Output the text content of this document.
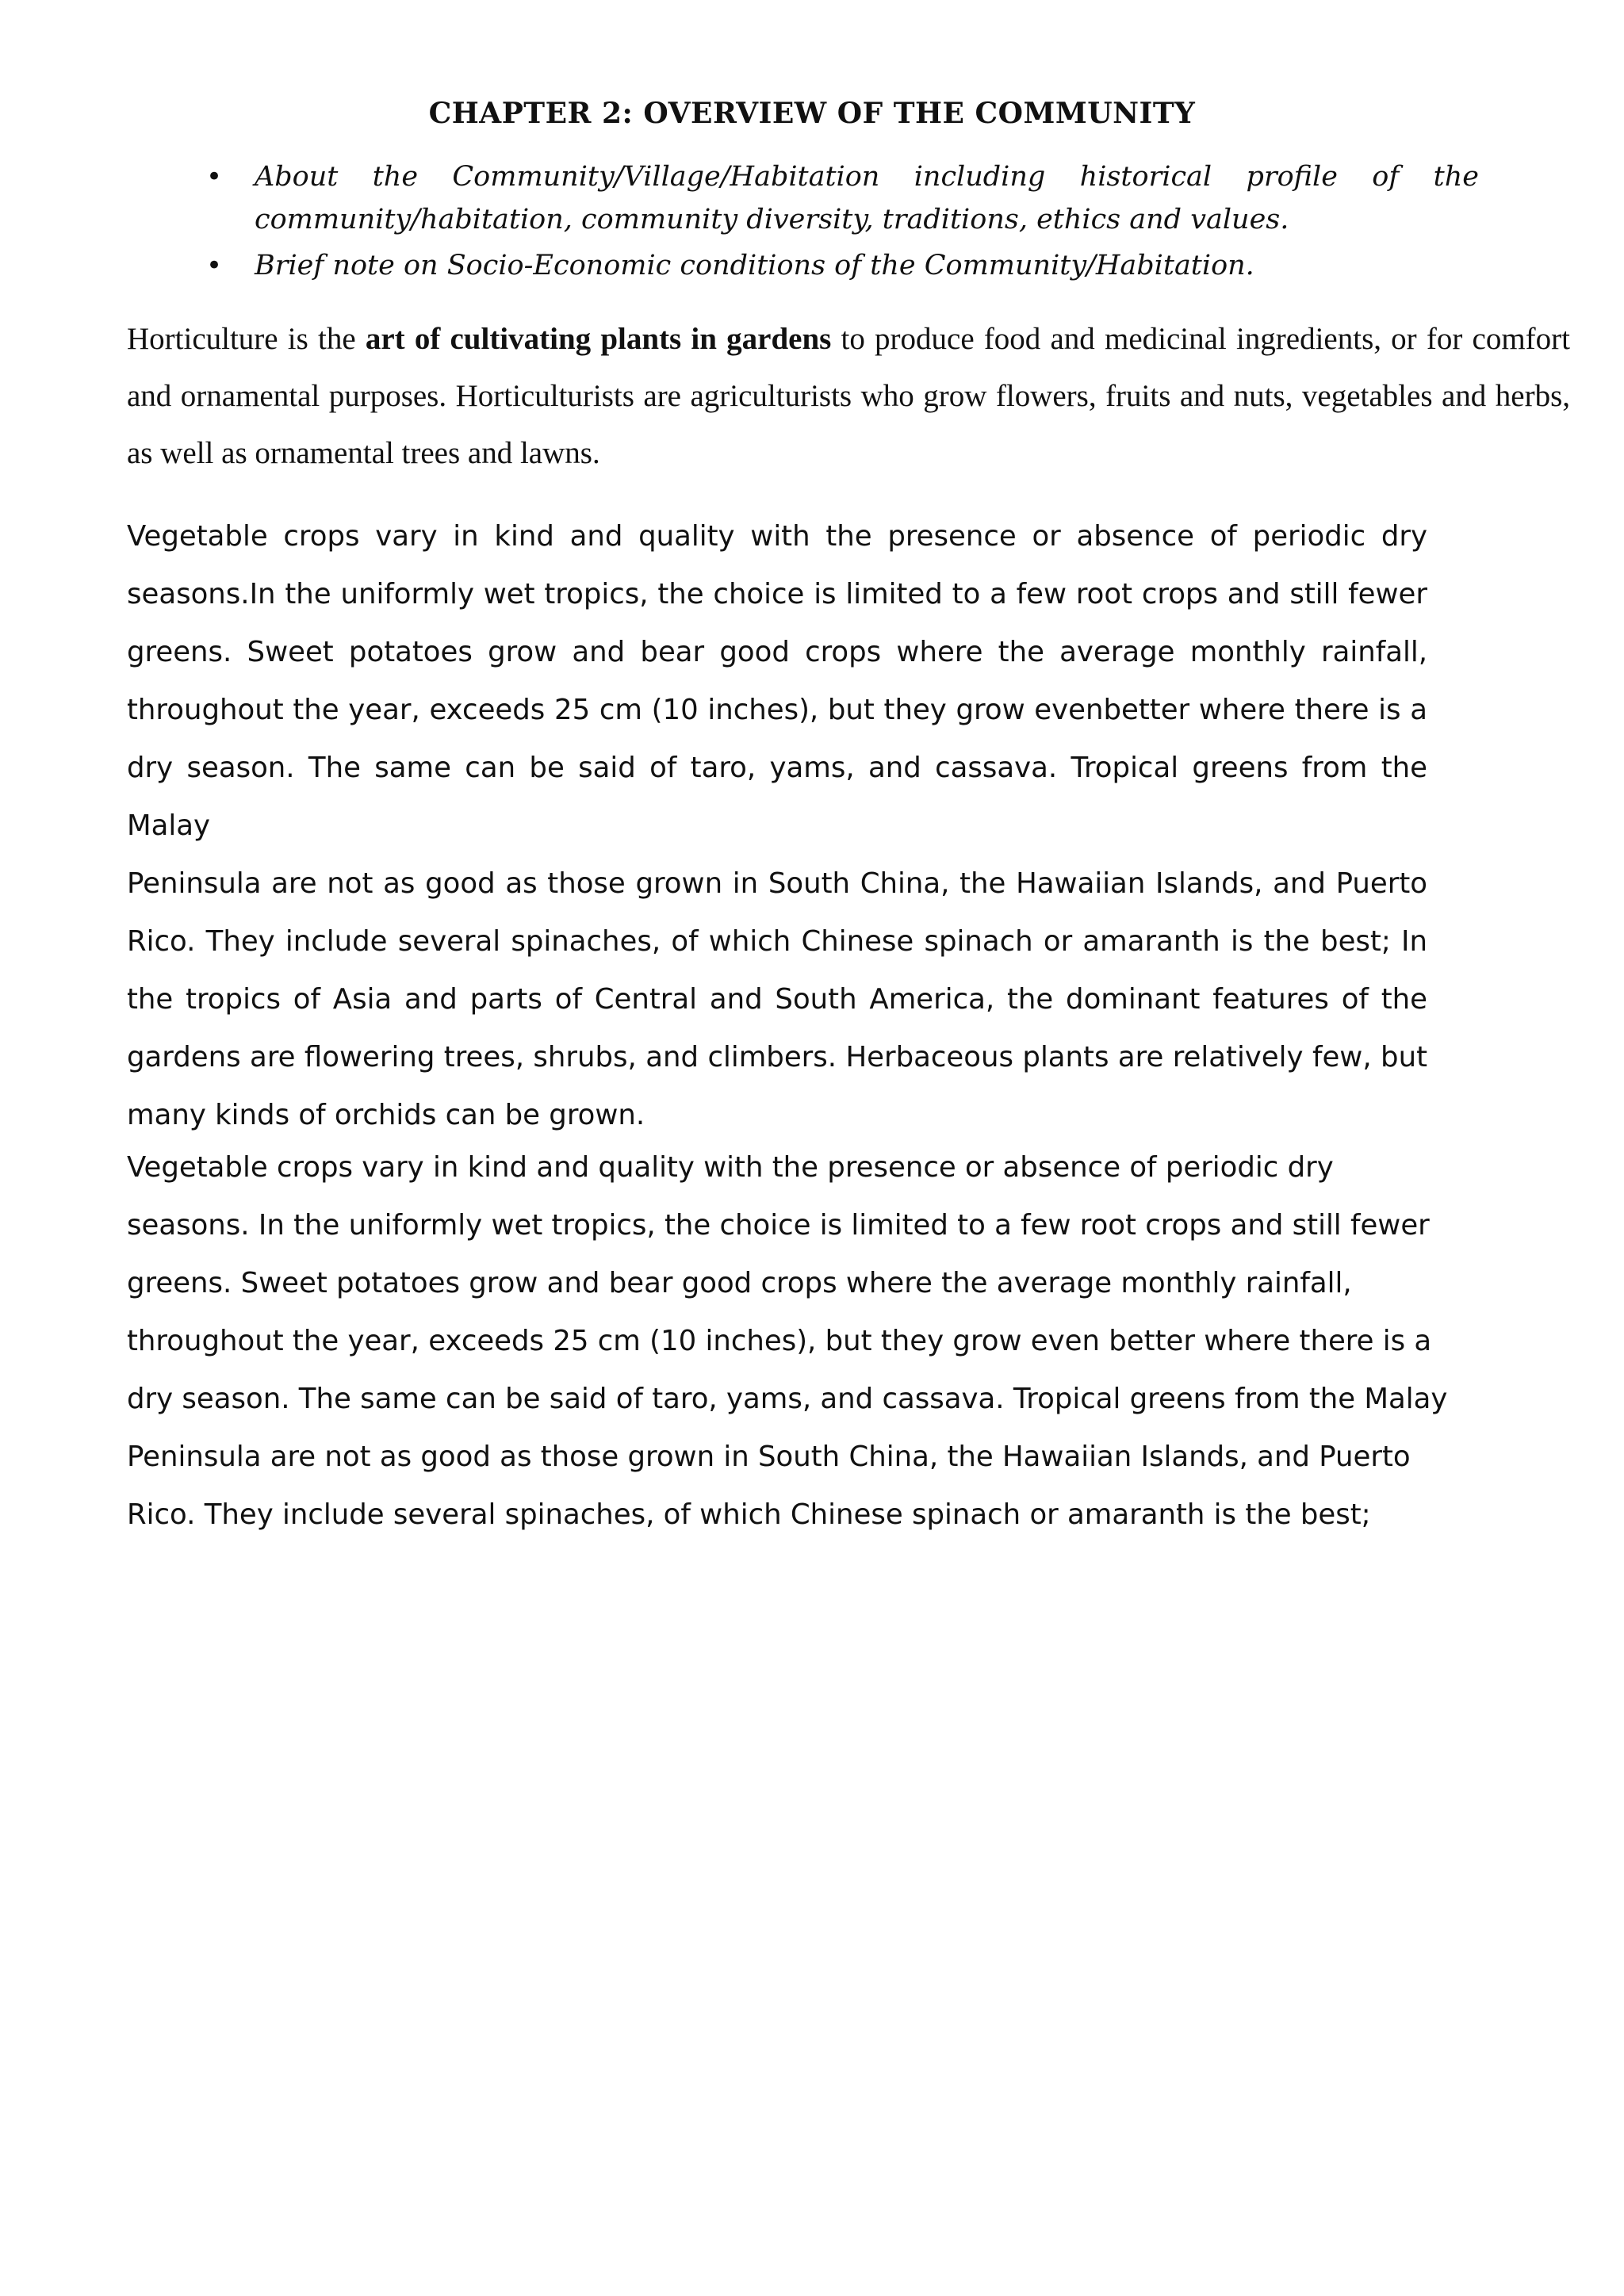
CHAPTER 2: OVERVIEW OF THE COMMUNITY
• About the Community/Village/Habitation including historical profile of the community/habitation, community diversity, traditions, ethics and values.
• Brief note on Socio-Economic conditions of the Community/Habitation.

Horticulture is the art of cultivating plants in gardens to produce food and medicinal ingredients, or for comfort and ornamental purposes. Horticulturists are agriculturists who grow flowers, fruits and nuts, vegetables and herbs, as well as ornamental trees and lawns.

Vegetable crops vary in kind and quality with the presence or absence of periodic dry
seasons.In the uniformly wet tropics, the choice is limited to a few root crops and still fewer
greens. Sweet potatoes grow and bear good crops where the average monthly rainfall,
throughout the year, exceeds 25 cm (10 inches), but they grow evenbetter where there is a
dry season. The same can be said of taro, yams, and cassava. Tropical greens from the Malay
Peninsula are not as good as those grown in South China, the Hawaiian Islands, and Puerto
Rico. They include several spinaches, of which Chinese spinach or amaranth is the best; In
the tropics of Asia and parts of Central and South America, the dominant features of the
gardens are flowering trees, shrubs, and climbers. Herbaceous plants are relatively few, but
many kinds of orchids can be grown.
Vegetable crops vary in kind and quality with the presence or absence of periodic dry
seasons. In the uniformly wet tropics, the choice is limited to a few root crops and still fewer
greens. Sweet potatoes grow and bear good crops where the average monthly rainfall,
throughout the year, exceeds 25 cm (10 inches), but they grow even better where there is a
dry season. The same can be said of taro, yams, and cassava. Tropical greens from the Malay
Peninsula are not as good as those grown in South China, the Hawaiian Islands, and Puerto
Rico. They include several spinaches, of which Chinese spinach or amaranth is the best;
